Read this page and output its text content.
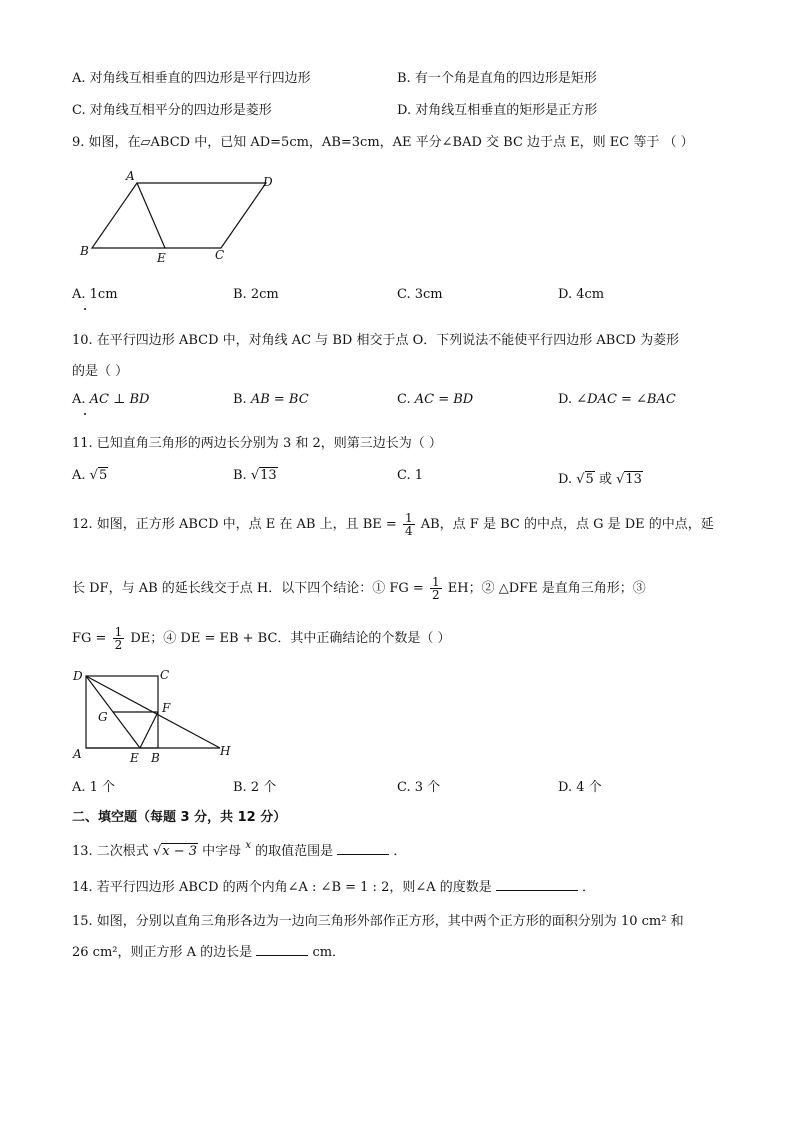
A. 对角线互相垂直的四边形是平行四边形	B. 有一个角是直角的四边形是矩形
C. 对角线互相平分的四边形是菱形	D. 对角线互相垂直的矩形是正方形
9. 如图，在▱ABCD 中，已知 AD=5cm，AB=3cm，AE 平分∠BAD 交 BC 边于点 E，则 EC 等于 （ ）
A	D
B	E	C
A. 1cm	B. 2cm	C. 3cm	D. 4cm
10. 在平行四边形 ABCD 中，对角线 AC 与 BD 相交于点 O．下列说法不能使平行四边形 ABCD 为菱形
的是（ ）
A. AC ⊥ BD	B. AB = BC	C. AC = BD	D. ∠DAC = ∠BAC
11. 已知直角三角形的两边长分别为 3 和 2，则第三边长为（ ）
A. √5	B. √13	C. 1	D. √5 或 √13
12. 如图，正方形 ABCD 中，点 E 在 AB 上，且 BE = $\frac{1}{4}$ AB，点 F 是 BC 的中点，点 G 是 DE 的中点，延
长 DF，与 AB 的延长线交于点 H．以下四个结论：① FG = $\frac{1}{2}$ EH；② △DFE 是直角三角形；③
FG = $\frac{1}{2}$ DE；④ DE = EB + BC．其中正确结论的个数是（ ）
D	C
G
F
A	E B	H
A. 1 个	B. 2 个	C. 3 个	D. 4 个
二、填空题（每题 3 分，共 12 分）
13. 二次根式 √x − 3 中字母 $^x$ 的取值范围是	．
14. 若平行四边形 ABCD 的两个内角∠A : ∠B = 1 : 2，则∠A 的度数是	．
15. 如图，分别以直角三角形各边为一边向三角形外部作正方形，其中两个正方形的面积分别为 10 cm² 和
26 cm²，则正方形 A 的边长是	cm．
